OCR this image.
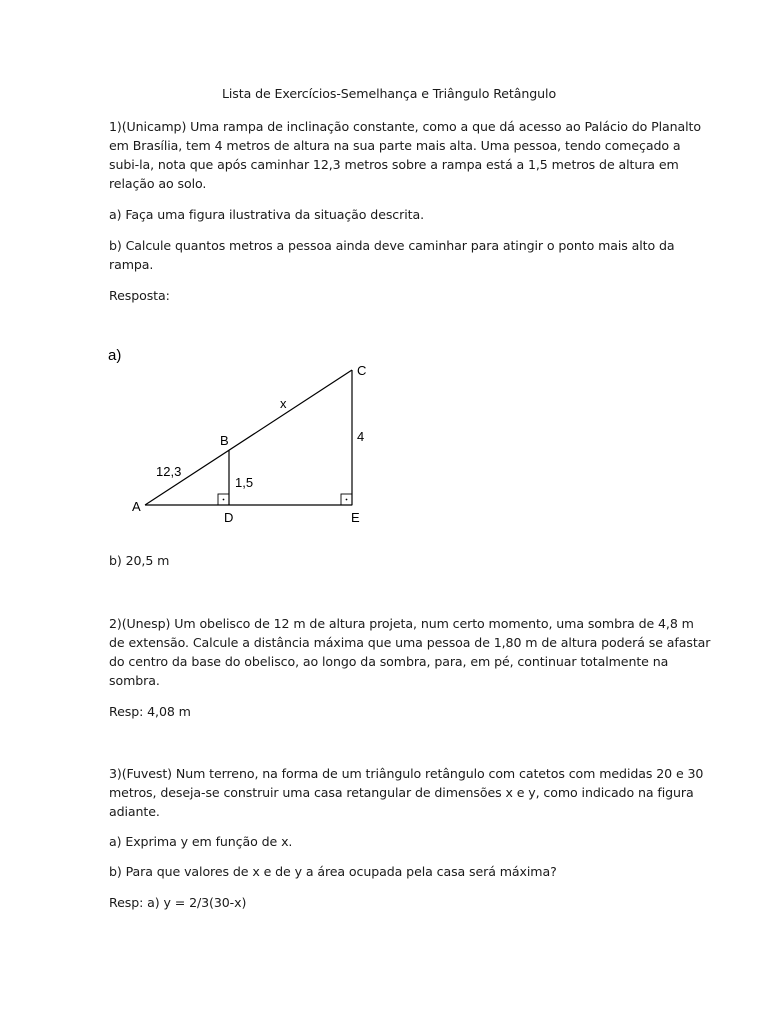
Lista de Exercícios-Semelhança e Triângulo Retângulo
1)(Unicamp) Uma rampa de inclinação constante, como a que dá acesso ao Palácio do Planalto
em Brasília, tem 4 metros de altura na sua parte mais alta. Uma pessoa, tendo começado a
subi-la, nota que após caminhar 12,3 metros sobre a rampa está a 1,5 metros de altura em
relação ao solo.
a) Faça uma figura ilustrativa da situação descrita.
b) Calcule quantos metros a pessoa ainda deve caminhar para atingir o ponto mais alto da
rampa.
Resposta:
a)
A
B
C
D	E
12,3
x
1,5
4
b) 20,5 m
2)(Unesp) Um obelisco de 12 m de altura projeta, num certo momento, uma sombra de 4,8 m
de extensão. Calcule a distância máxima que uma pessoa de 1,80 m de altura poderá se afastar
do centro da base do obelisco, ao longo da sombra, para, em pé, continuar totalmente na
sombra.
Resp: 4,08 m
3)(Fuvest) Num terreno, na forma de um triângulo retângulo com catetos com medidas 20 e 30
metros, deseja-se construir uma casa retangular de dimensões x e y, como indicado na figura
adiante.
a) Exprima y em função de x.
b) Para que valores de x e de y a área ocupada pela casa será máxima?
Resp: a) y = 2/3(30-x)
